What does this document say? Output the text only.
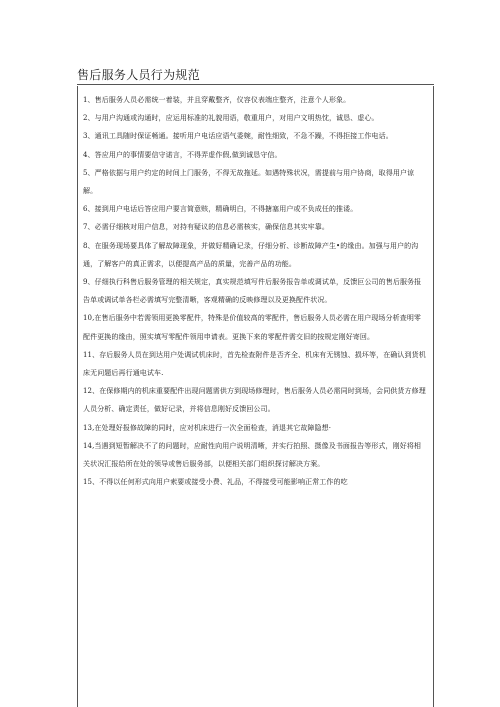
售后服务人员行为规范
1、售后服务人员必需统一着装，并且穿戴整齐，仪容仪表端庄整齐，注意个人形象。
2、与用户沟通或沟通时，应运用标准的礼貌用语，敬重用户，对用户文明热忱，诚恳、虚心。
3、通讯工具随时保证畅通。接听用户电话应语气委婉，耐性细致，不急不躁，不得拒接工作电话。
4、答应用户的事情要信守诺言，不得弄虚作假,做到诚恳守信。
5、严格依据与用户约定的时间上门服务，不得无故拖延。如遇特殊状况，需提前与用户协商，取得用户谅解。
6、接到用户电话后答应用户要言简意赅，精确明白，不得搪塞用户或不负成任的推诿。
7、必需仔细核对用户信息，对持有疑议的信息必需核实，确保信息其实牢靠。
8、在服务现场要具体了解故障现象，并做好精确记录，仔细分析、诊断故障产生•的缘由。加强与用户的沟通，了解客户的真正需求，以便提高产品的质量，完善产品的功能。
9、仔细执行科售后服务管理的相关规定，真实规范填写件后服务报告单或调试单，反馈叵公司的售后服务报告单或调试单各栏必需填写完整清晰，客观精确的反映修理以及更换配件状况。
10,在售后服务中若需领用更换零配件，特殊是价值较高的零配件，售后服务人员必需在用户现场分析查明零配件更换的缘由，照实填写零配件领用申请表。更换下来的零配件需交旧的按规定刚好寄回。
11、存后服务人员在到达用户处调试机床时，首先检查附件是否齐全、机床有无锈蚀、损坏等，在确认到货机床无问题后再行通电试车.
12、在保修期内的机床重要配件出现问题需供方到现场修理时，售后服务人员必需同时到场，会同供货方修理人员分析、确定责任，做好记录，并将信息刚好反馈回公司。
13,在处理好报修故障的同时，应对机床进行一次全面检查，消退其它故障隐想·
14,当遇到短暂解决不了的问题时，应耐性向用户说明清晰，并实行拍照、摄像及书面报告等形式，刚好将相关状况汇报给所在处的领导或售后服务部，以便相关部门组织探讨解决方案。
15、不得以任何形式向用户索要或接受小费、礼品，不得接受可能影响正常工作的吃
